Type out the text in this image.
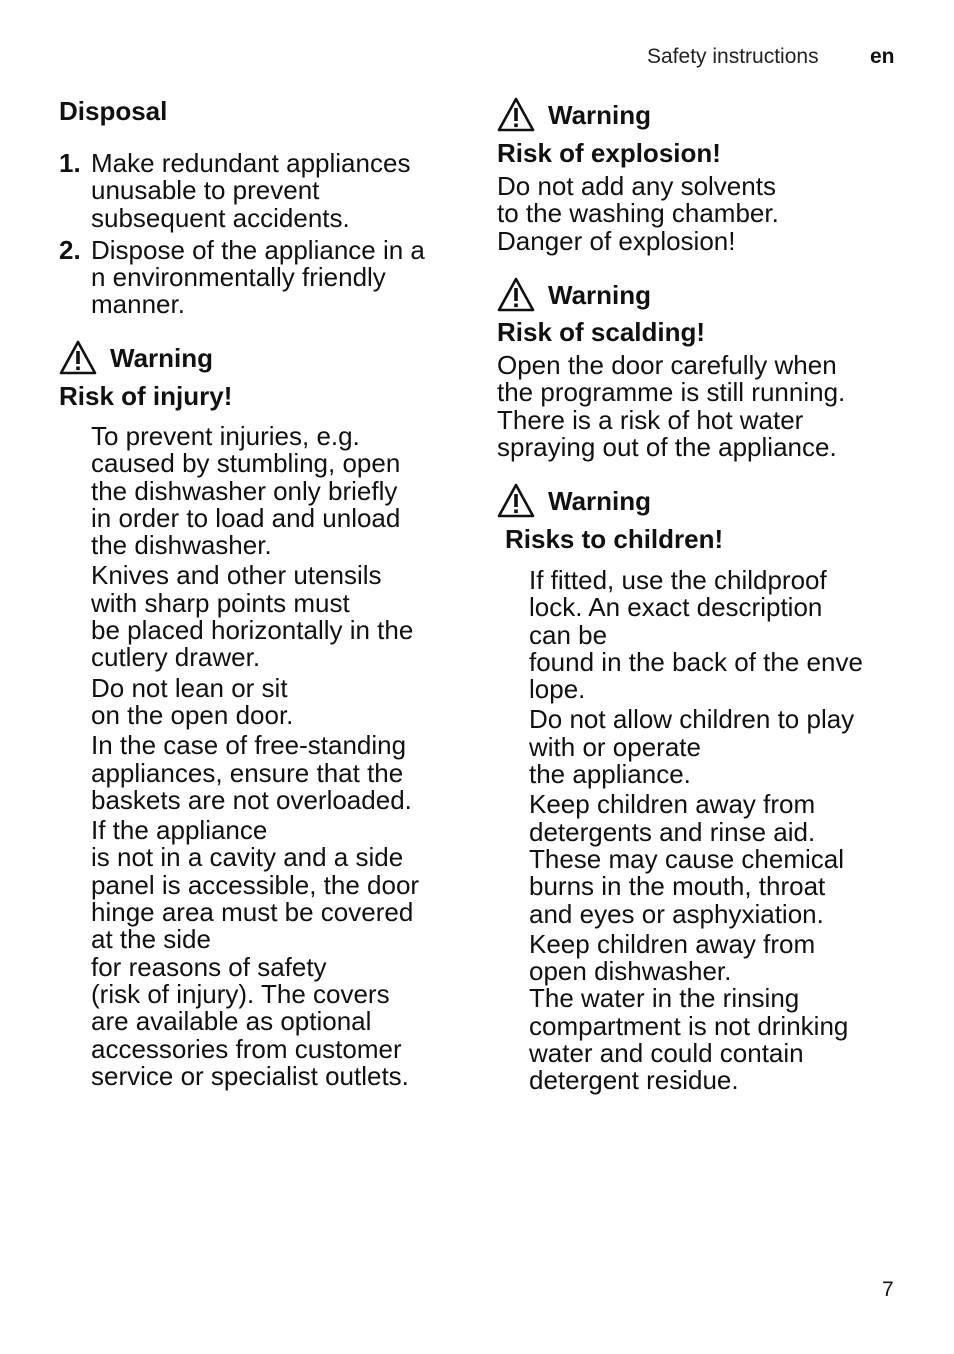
Safety instructions en
Disposal
1. Make redundant appliances
unusable to prevent
subsequent accidents.
2. Dispose of the appliance in a
n environmentally friendly
manner.
Warning
Risk of injury!
To prevent injuries, e.g.
caused by stumbling, open
the dishwasher only briefly
in order to load and unload
the dishwasher.
Knives and other utensils
with sharp points must
be placed horizontally in the
cutlery drawer.
Do not lean or sit
on the open door.
In the case of free-standing
appliances, ensure that the
baskets are not overloaded.
If the appliance
is not in a cavity and a side
panel is accessible, the door
hinge area must be covered
at the side
for reasons of safety
(risk of injury). The covers
are available as optional
accessories from customer
service or specialist outlets.
Warning
Risk of explosion!
Do not add any solvents
to the washing chamber.
Danger of explosion!
Warning
Risk of scalding!
Open the door carefully when
the programme is still running.
There is a risk of hot water
spraying out of the appliance.
Warning
Risks to children!
If fitted, use the childproof
lock. An exact description
can be
found in the back of the enve
lope.
Do not allow children to play
with or operate
the appliance.
Keep children away from
detergents and rinse aid.
These may cause chemical
burns in the mouth, throat
and eyes or asphyxiation.
Keep children away from
open dishwasher.
The water in the rinsing
compartment is not drinking
water and could contain
detergent residue.
7
